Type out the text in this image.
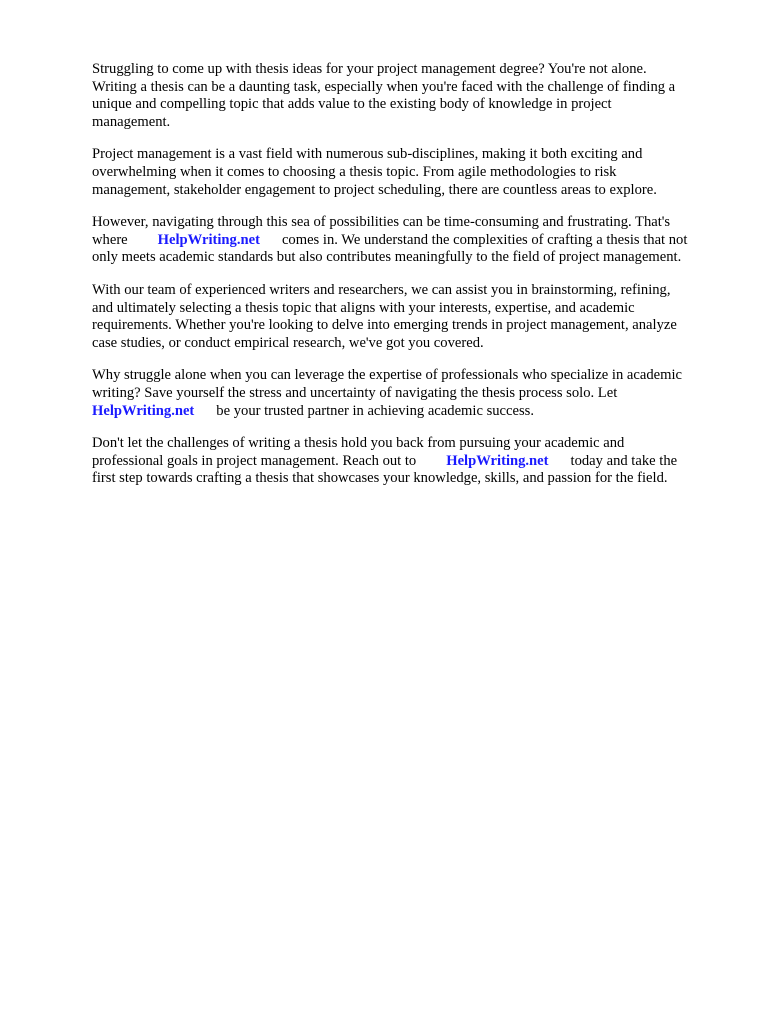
Struggling to come up with thesis ideas for your project management degree? You're not alone.
Writing a thesis can be a daunting task, especially when you're faced with the challenge of finding a
unique and compelling topic that adds value to the existing body of knowledge in project
management.

Project management is a vast field with numerous sub-disciplines, making it both exciting and
overwhelming when it comes to choosing a thesis topic. From agile methodologies to risk
management, stakeholder engagement to project scheduling, there are countless areas to explore.

However, navigating through this sea of possibilities can be time-consuming and frustrating. That's
where HelpWriting.net comes in. We understand the complexities of crafting a thesis that not
only meets academic standards but also contributes meaningfully to the field of project management.

With our team of experienced writers and researchers, we can assist you in brainstorming, refining,
and ultimately selecting a thesis topic that aligns with your interests, expertise, and academic
requirements. Whether you're looking to delve into emerging trends in project management, analyze
case studies, or conduct empirical research, we've got you covered.

Why struggle alone when you can leverage the expertise of professionals who specialize in academic
writing? Save yourself the stress and uncertainty of navigating the thesis process solo. Let
HelpWriting.net be your trusted partner in achieving academic success.

Don't let the challenges of writing a thesis hold you back from pursuing your academic and
professional goals in project management. Reach out to HelpWriting.net today and take the
first step towards crafting a thesis that showcases your knowledge, skills, and passion for the field.
